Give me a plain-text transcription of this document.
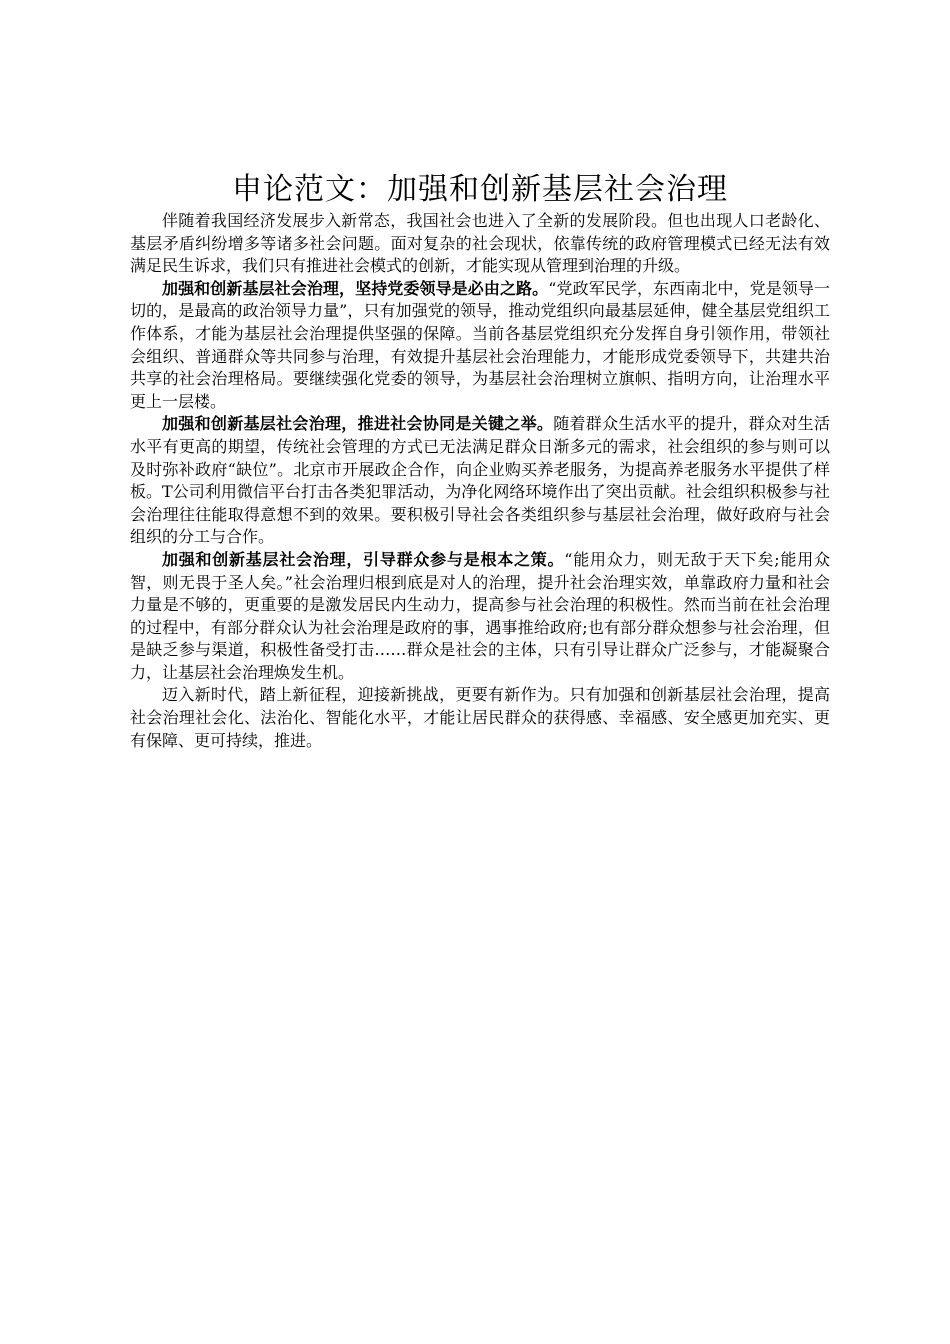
申论范文：加强和创新基层社会治理

伴随着我国经济发展步入新常态，我国社会也进入了全新的发展阶段。但也出现人口老龄化、基层矛盾纠纷增多等诸多社会问题。面对复杂的社会现状，依靠传统的政府管理模式已经无法有效满足民生诉求，我们只有推进社会模式的创新，才能实现从管理到治理的升级。

加强和创新基层社会治理，坚持党委领导是必由之路。“党政军民学，东西南北中，党是领导一切的，是最高的政治领导力量”，只有加强党的领导，推动党组织向最基层延伸，健全基层党组织工作体系，才能为基层社会治理提供坚强的保障。当前各基层党组织充分发挥自身引领作用，带领社会组织、普通群众等共同参与治理，有效提升基层社会治理能力，才能形成党委领导下，共建共治共享的社会治理格局。要继续强化党委的领导，为基层社会治理树立旗帜、指明方向，让治理水平更上一层楼。

加强和创新基层社会治理，推进社会协同是关键之举。随着群众生活水平的提升，群众对生活水平有更高的期望，传统社会管理的方式已无法满足群众日渐多元的需求，社会组织的参与则可以及时弥补政府“缺位”。北京市开展政企合作，向企业购买养老服务，为提高养老服务水平提供了样板。T公司利用微信平台打击各类犯罪活动，为净化网络环境作出了突出贡献。社会组织积极参与社会治理往往能取得意想不到的效果。要积极引导社会各类组织参与基层社会治理，做好政府与社会组织的分工与合作。

加强和创新基层社会治理，引导群众参与是根本之策。“能用众力，则无敌于天下矣;能用众智，则无畏于圣人矣。”社会治理归根到底是对人的治理，提升社会治理实效，单靠政府力量和社会力量是不够的，更重要的是激发居民内生动力，提高参与社会治理的积极性。然而当前在社会治理的过程中，有部分群众认为社会治理是政府的事，遇事推给政府;也有部分群众想参与社会治理，但是缺乏参与渠道，积极性备受打击……群众是社会的主体，只有引导让群众广泛参与，才能凝聚合力，让基层社会治理焕发生机。

迈入新时代，踏上新征程，迎接新挑战，更要有新作为。只有加强和创新基层社会治理，提高社会治理社会化、法治化、智能化水平，才能让居民群众的获得感、幸福感、安全感更加充实、更有保障、更可持续，推进。
